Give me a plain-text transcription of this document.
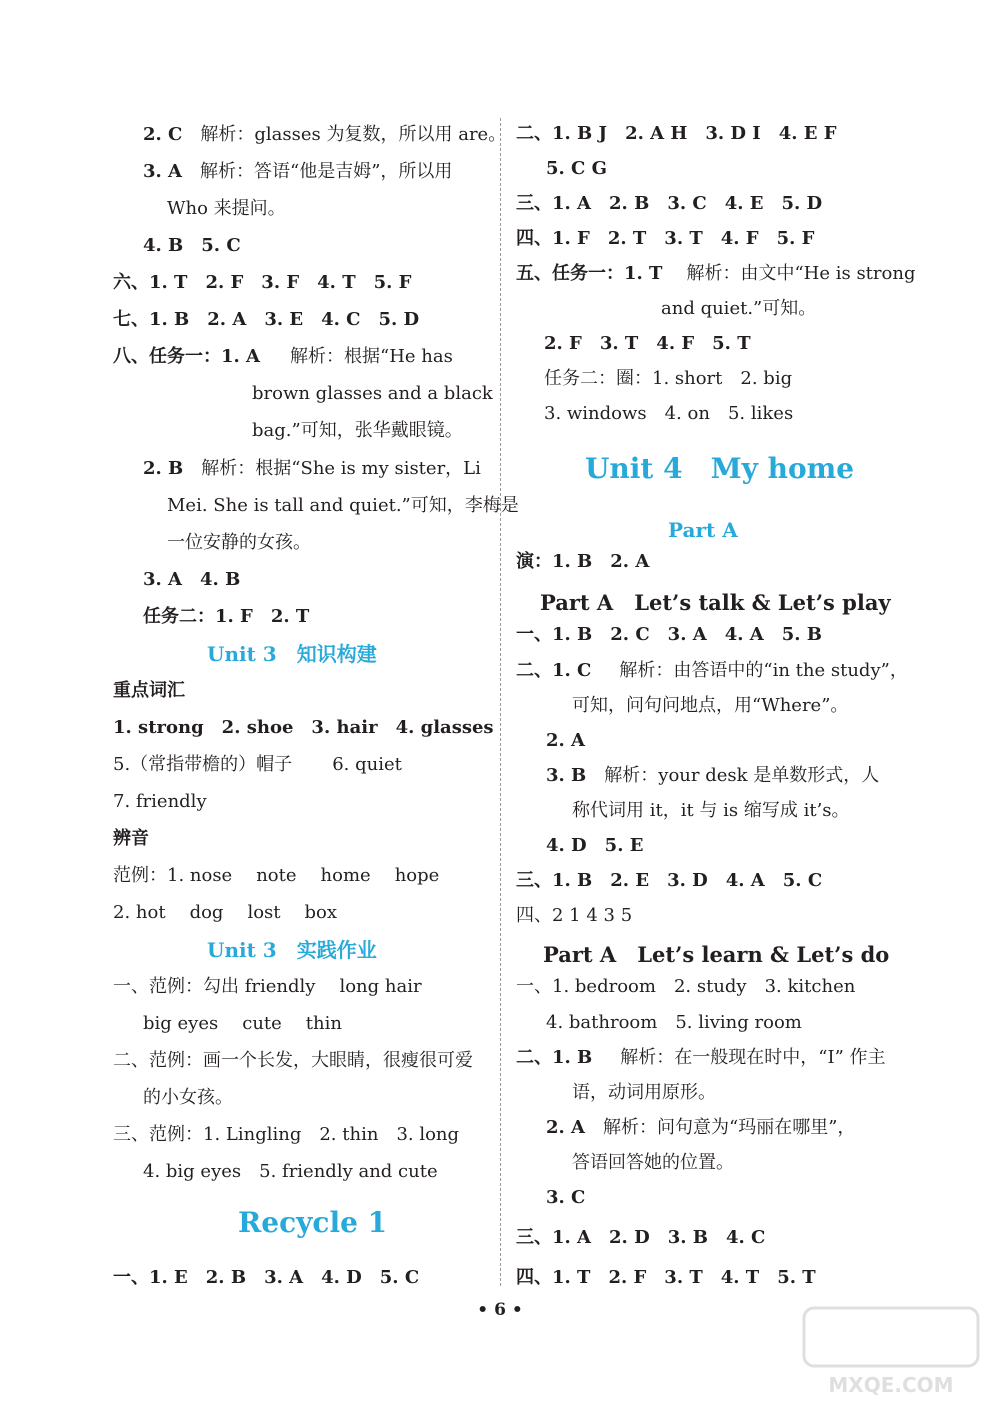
2. C 解析：glasses 为复数，所以用 are。
3. A 解析：答语“他是吉姆”，所以用
Who 来提问。
4. B 5. C
六、1. T 2. F 3. F 4. T 5. F
七、1. B 2. A 3. E 4. C 5. D
八、任务一：1. A 解析：根据“He has
brown glasses and a black
bag.”可知，张华戴眼镜。
2. B 解析：根据“She is my sister，Li
Mei. She is tall and quiet.”可知，李梅是
一位安静的女孩。
3. A 4. B
任务二：1. F 2. T
Unit 3　知识构建
重点词汇
1. strong 2. shoe 3. hair 4. glasses
5.（常指带檐的）帽子 6. quiet
7. friendly
辨音
范例：1. nose note home hope
2. hot dog lost box
Unit 3　实践作业
一、范例：勾出 friendly long hair
big eyes cute thin
二、范例：画一个长发，大眼睛，很瘦很可爱
的小女孩。
三、范例：1. Lingling 2. thin 3. long
4. big eyes 5. friendly and cute
Recycle 1
一、1. E 2. B 3. A 4. D 5. C
二、1. B J 2. A H 3. D I 4. E F
5. C G
三、1. A 2. B 3. C 4. E 5. D
四、1. F 2. T 3. T 4. F 5. F
五、任务一：1. T 解析：由文中“He is strong
and quiet.”可知。
2. F 3. T 4. F 5. T
任务二：圈：1. short 2. big
3. windows 4. on 5. likes
Unit 4　My home
Part A
演：1. B 2. A
Part A　Let’s talk & Let’s play
一、1. B 2. C 3. A 4. A 5. B
二、1. C 解析：由答语中的“in the study”，
可知，问句问地点，用“Where”。
2. A
3. B 解析：your desk 是单数形式，人
称代词用 it，it 与 is 缩写成 it’s。
4. D 5. E
三、1. B 2. E 3. D 4. A 5. C
四、2 1 4 3 5
Part A　Let’s learn & Let’s do
一、1. bedroom 2. study 3. kitchen
4. bathroom 5. living room
二、1. B 解析：在一般现在时中，“I” 作主
语，动词用原形。
2. A 解析：问句意为“玛丽在哪里”，
答语回答她的位置。
3. C
三、1. A 2. D 3. B 4. C
四、1. T 2. F 3. T 4. T 5. T
• 6 •
MXQE.COM
